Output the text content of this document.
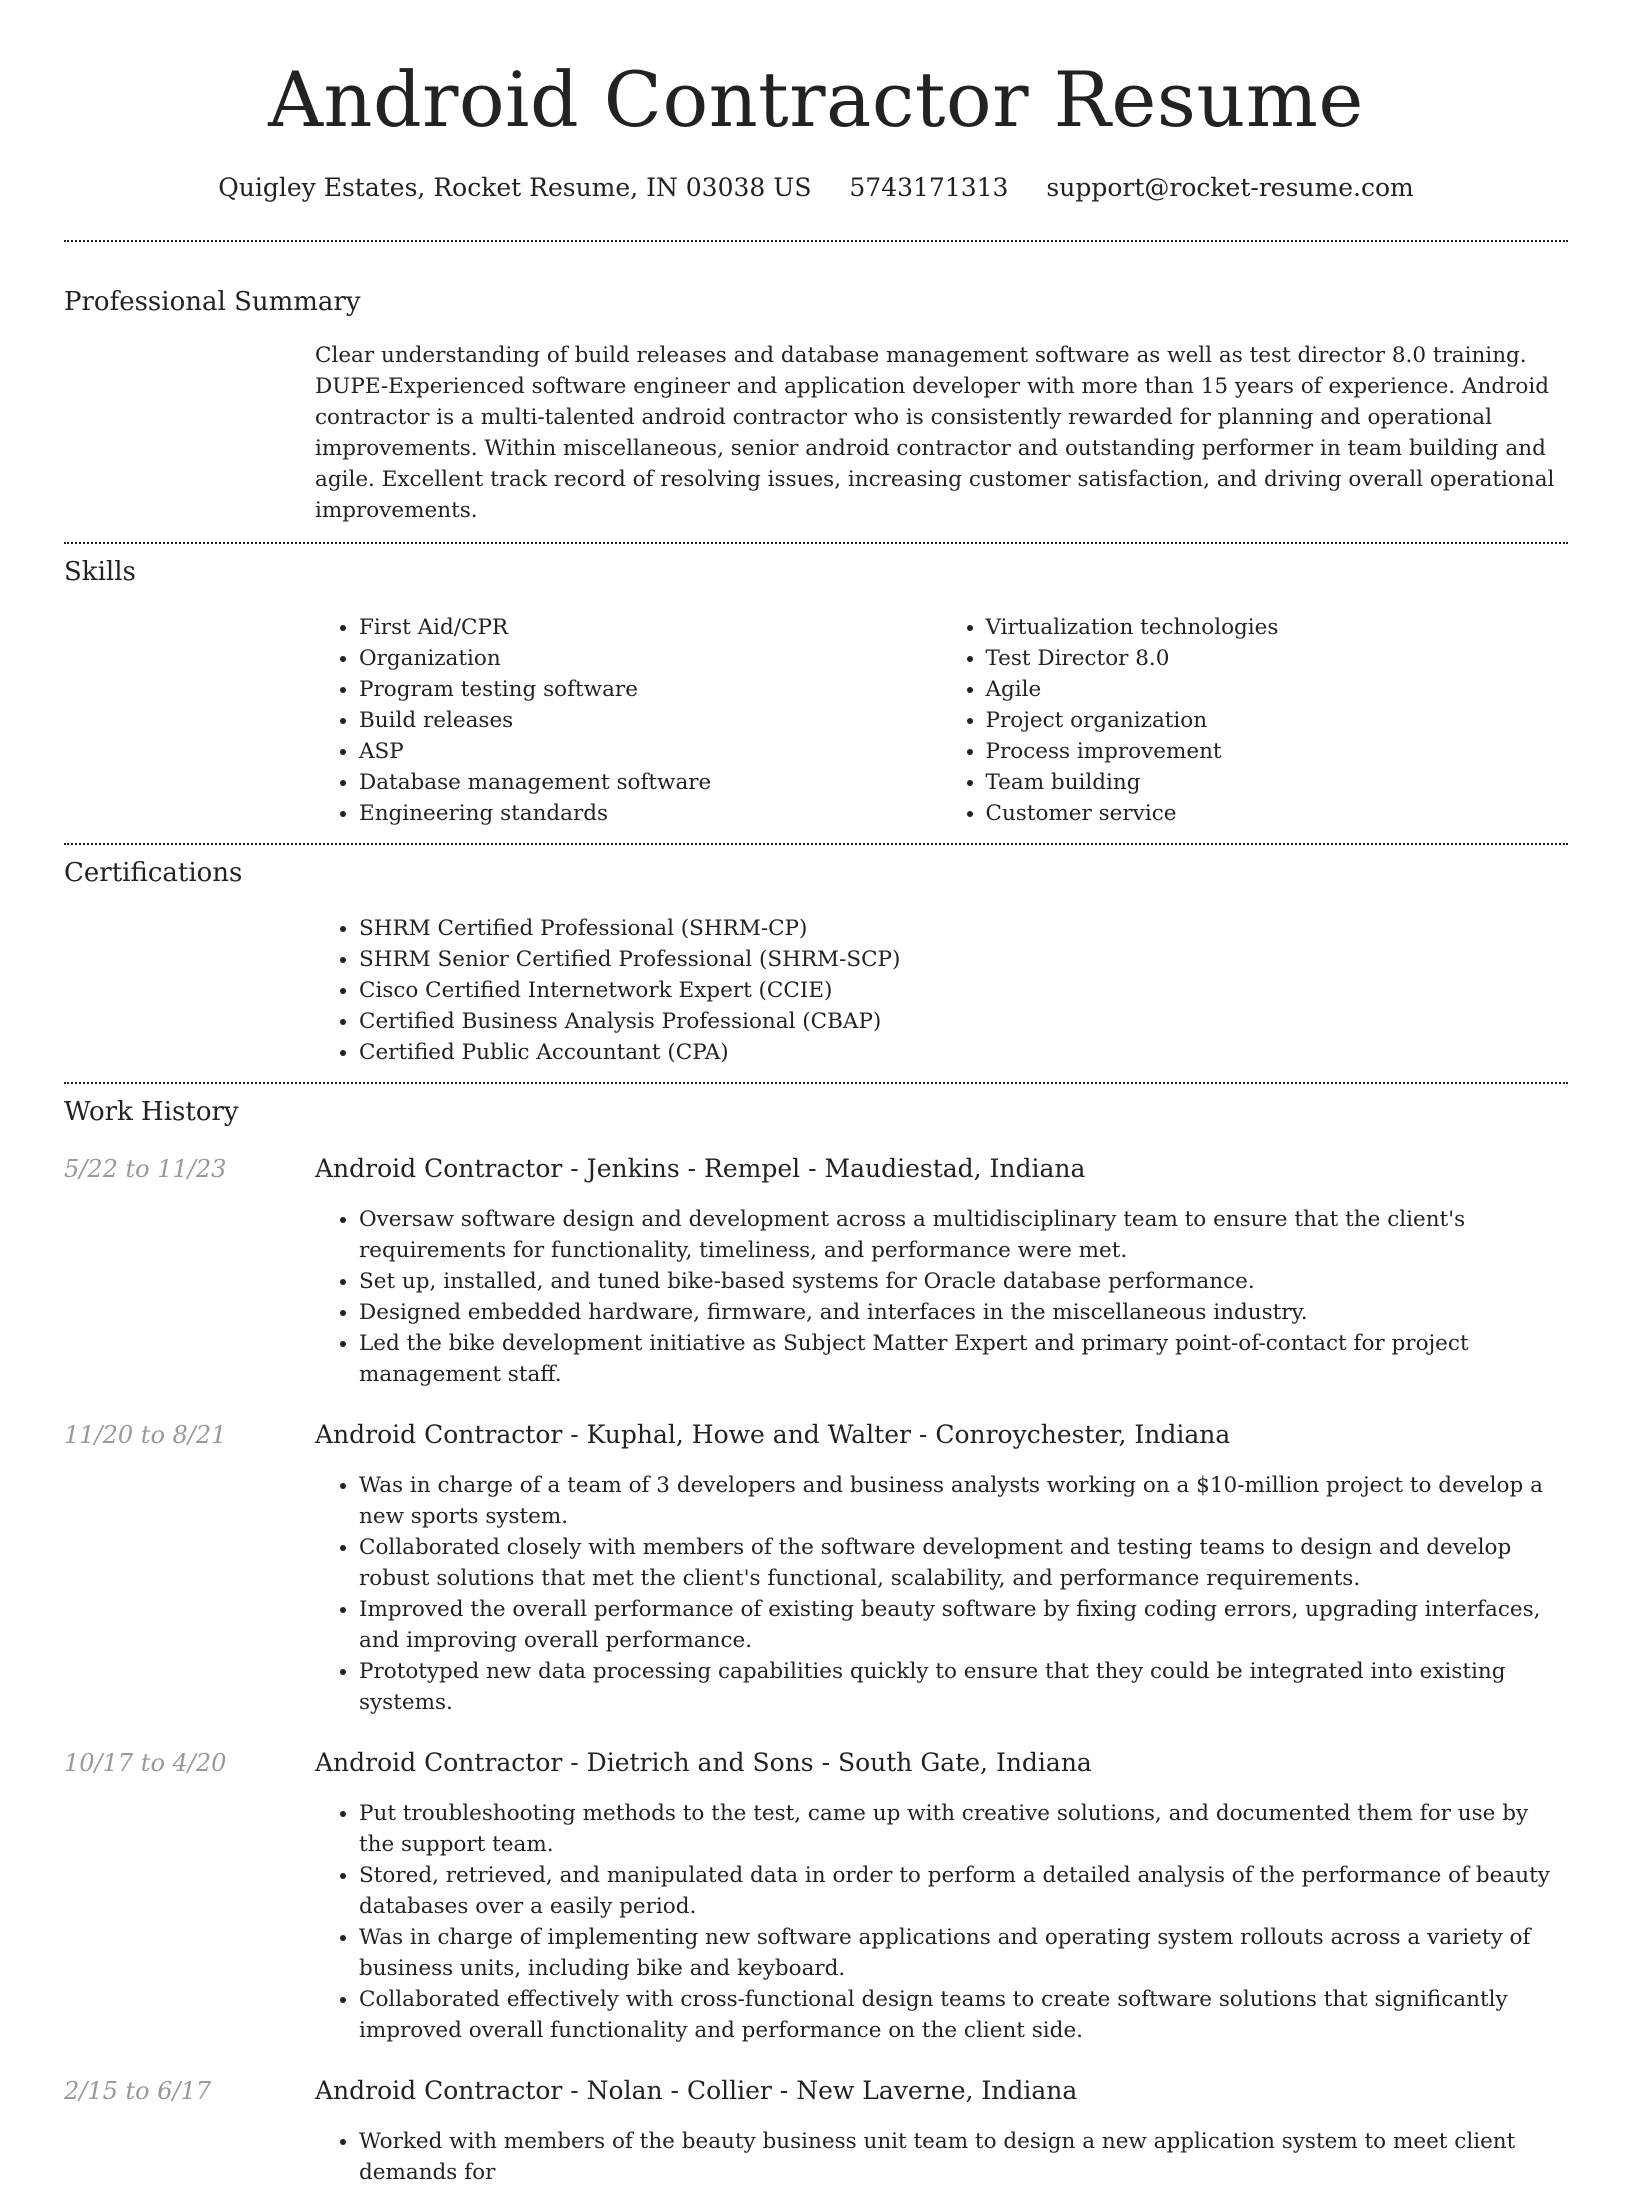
Android Contractor Resume
Quigley Estates, Rocket Resume, IN 03038 US 5743171313 support@rocket-resume.com
Professional Summary
Clear understanding of build releases and database management software as well as test director 8.0 training. DUPE-Experienced software engineer and application developer with more than 15 years of experience. Android contractor is a multi-talented android contractor who is consistently rewarded for planning and operational improvements. Within miscellaneous, senior android contractor and outstanding performer in team building and agile. Excellent track record of resolving issues, increasing customer satisfaction, and driving overall operational improvements.
Skills
• First Aid/CPR
• Organization
• Program testing software
• Build releases
• ASP
• Database management software
• Engineering standards
• Virtualization technologies
• Test Director 8.0
• Agile
• Project organization
• Process improvement
• Team building
• Customer service
Certifications
• SHRM Certified Professional (SHRM-CP)
• SHRM Senior Certified Professional (SHRM-SCP)
• Cisco Certified Internetwork Expert (CCIE)
• Certified Business Analysis Professional (CBAP)
• Certified Public Accountant (CPA)
Work History
5/22 to 11/23	Android Contractor - Jenkins - Rempel - Maudiestad, Indiana
• Oversaw software design and development across a multidisciplinary team to ensure that the client's requirements for functionality, timeliness, and performance were met.
• Set up, installed, and tuned bike-based systems for Oracle database performance.
• Designed embedded hardware, firmware, and interfaces in the miscellaneous industry.
• Led the bike development initiative as Subject Matter Expert and primary point-of-contact for project management staff.
11/20 to 8/21	Android Contractor - Kuphal, Howe and Walter - Conroychester, Indiana
• Was in charge of a team of 3 developers and business analysts working on a $10-million project to develop a new sports system.
• Collaborated closely with members of the software development and testing teams to design and develop robust solutions that met the client's functional, scalability, and performance requirements.
• Improved the overall performance of existing beauty software by fixing coding errors, upgrading interfaces, and improving overall performance.
• Prototyped new data processing capabilities quickly to ensure that they could be integrated into existing systems.
10/17 to 4/20	Android Contractor - Dietrich and Sons - South Gate, Indiana
• Put troubleshooting methods to the test, came up with creative solutions, and documented them for use by the support team.
• Stored, retrieved, and manipulated data in order to perform a detailed analysis of the performance of beauty databases over a easily period.
• Was in charge of implementing new software applications and operating system rollouts across a variety of business units, including bike and keyboard.
• Collaborated effectively with cross-functional design teams to create software solutions that significantly improved overall functionality and performance on the client side.
2/15 to 6/17	Android Contractor - Nolan - Collier - New Laverne, Indiana
• Worked with members of the beauty business unit team to design a new application system to meet client demands for
